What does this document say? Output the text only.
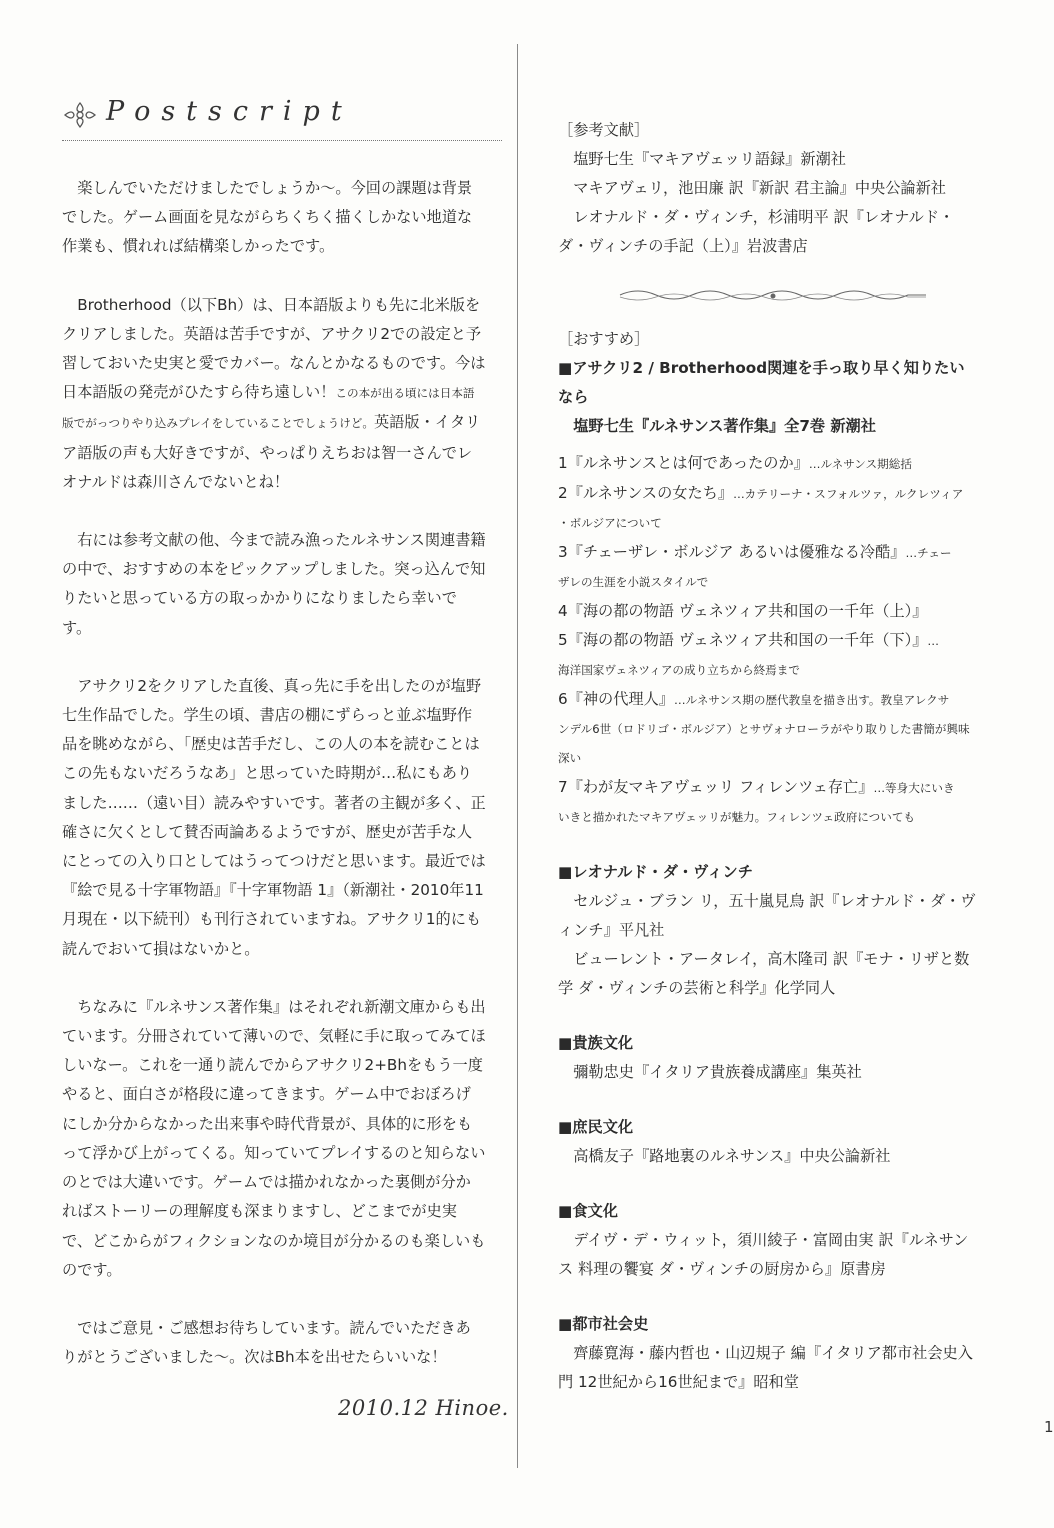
Postscript

楽しんでいただけましたでしょうか〜。今回の課題は背景でした。ゲーム画面を見ながらちくちく描くしかない地道な作業も、慣れれば結構楽しかったです。

Brotherhood（以下Bh）は、日本語版よりも先に北米版をクリアしました。英語は苦手ですが、アサクリ2での設定と予習しておいた史実と愛でカバー。なんとかなるものです。今は日本語版の発売がひたすら待ち遠しい！この本が出る頃には日本語版でがっつりやり込みプレイをしていることでしょうけど。英語版・イタリア語版の声も大好きですが、やっぱりえちおは智一さんでレオナルドは森川さんでないとね！

右には参考文献の他、今まで読み漁ったルネサンス関連書籍の中で、おすすめの本をピックアップしました。突っ込んで知りたいと思っている方の取っかかりになりましたら幸いです。

アサクリ2をクリアした直後、真っ先に手を出したのが塩野七生作品でした。学生の頃、書店の棚にずらっと並ぶ塩野作品を眺めながら、「歴史は苦手だし、この人の本を読むことはこの先もないだろうなあ」と思っていた時期が…私にもありました……（遠い目）読みやすいです。著者の主観が多く、正確さに欠くとして賛否両論あるようですが、歴史が苦手な人にとっての入り口としてはうってつけだと思います。最近では『絵で見る十字軍物語』『十字軍物語 1』（新潮社・2010年11月現在・以下続刊）も刊行されていますね。アサクリ1的にも読んでおいて損はないかと。

ちなみに『ルネサンス著作集』はそれぞれ新潮文庫からも出ています。分冊されていて薄いので、気軽に手に取ってみてほしいなー。これを一通り読んでからアサクリ2+Bhをもう一度やると、面白さが格段に違ってきます。ゲーム中でおぼろげにしか分からなかった出来事や時代背景が、具体的に形をもって浮かび上がってくる。知っていてプレイするのと知らないのとでは大違いです。ゲームでは描かれなかった裏側が分かればストーリーの理解度も深まりますし、どこまでが史実で、どこからがフィクションなのか境目が分かるのも楽しいものです。

ではご意見・ご感想お待ちしています。読んでいただきありがとうございました〜。次はBh本を出せたらいいな！

2010.12 Hinoe.

［参考文献］

塩野七生『マキアヴェッリ語録』新潮社

マキアヴェリ，池田廉 訳『新訳 君主論』中央公論新社

レオナルド・ダ・ヴィンチ，杉浦明平 訳『レオナルド・ダ・ヴィンチの手記（上）』岩波書店

［おすすめ］

■アサクリ2 / Brotherhood関連を手っ取り早く知りたいなら

塩野七生『ルネサンス著作集』全7巻 新潮社

1『ルネサンスとは何であったのか』…ルネサンス期総括

2『ルネサンスの女たち』…カテリーナ・スフォルツァ，ルクレツィア
・ボルジアについて

3『チェーザレ・ボルジア あるいは優雅なる冷酷』…チェー
ザレの生涯を小説スタイルで

4『海の都の物語 ヴェネツィア共和国の一千年（上）』

5『海の都の物語 ヴェネツィア共和国の一千年（下）』…
海洋国家ヴェネツィアの成り立ちから終焉まで

6『神の代理人』…ルネサンス期の歴代教皇を描き出す。教皇アレクサ
ンデル6世（ロドリゴ・ボルジア）とサヴォナローラがやり取りした書簡が興味深い

7『わが友マキアヴェッリ フィレンツェ存亡』…等身大にいき
いきと描かれたマキアヴェッリが魅力。フィレンツェ政府についても

■レオナルド・ダ・ヴィンチ

セルジュ・ブラン リ，五十嵐見鳥 訳『レオナルド・ダ・ヴィンチ』平凡社

ビューレント・アータレイ，高木隆司 訳『モナ・リザと数学 ダ・ヴィンチの芸術と科学』化学同人

■貴族文化

彌勒忠史『イタリア貴族養成講座』集英社

■庶民文化

高橋友子『路地裏のルネサンス』中央公論新社

■食文化

デイヴ・デ・ウィット，須川綾子・富岡由実 訳『ルネサンス 料理の饗宴 ダ・ヴィンチの厨房から』原書房

■都市社会史

齊藤寛海・藤内哲也・山辺規子 編『イタリア都市社会史入門 12世紀から16世紀まで』昭和堂

1
